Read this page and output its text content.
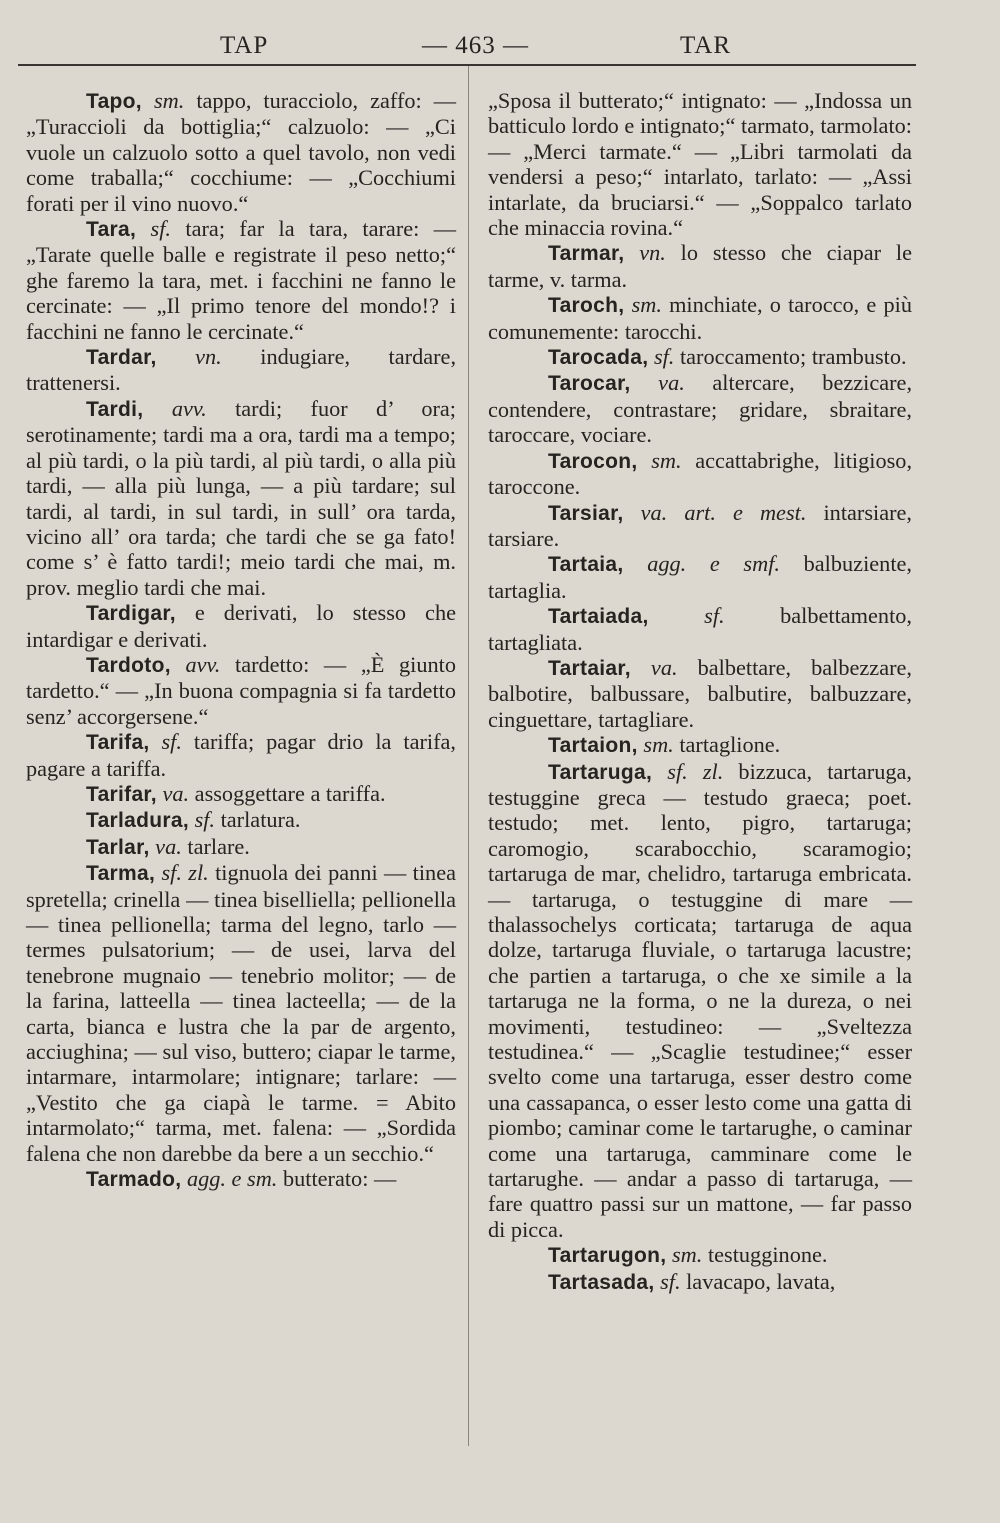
TAP	— 463 —	TAR

Tapo, sm. tappo, turacciolo, zaffo: — „Turaccioli da bottiglia;“ calzuolo: — „Ci vuole un calzuolo sotto a quel tavolo, non vedi come traballa;“ cocchiume: — „Cocchiumi forati per il vino nuovo.“

Tara, sf. tara; far la tara, tarare: — „Tarate quelle balle e registrate il peso netto;“ ghe faremo la tara, met. i facchini ne fanno le cercinate: — „Il primo tenore del mondo!? i facchini ne fanno le cercinate.“

Tardar, vn. indugiare, tardare, trattenersi.

Tardi, avv. tardi; fuor d’ ora; serotinamente; tardi ma a ora, tardi ma a tempo; al più tardi, o la più tardi, al più tardi, o alla più tardi, — alla più lunga, — a più tardare; sul tardi, al tardi, in sul tardi, in sull’ ora tarda, vicino all’ ora tarda; che tardi che se ga fato! come s’ è fatto tardi!; meio tardi che mai, m. prov. meglio tardi che mai.

Tardigar, e derivati, lo stesso che intardigar e derivati.

Tardoto, avv. tardetto: — „È giunto tardetto.“ — „In buona compagnia si fa tardetto senz’ accorgersene.“

Tarifa, sf. tariffa; pagar drio la tarifa, pagare a tariffa.

Tarifar, va. assoggettare a tariffa.

Tarladura, sf. tarlatura.

Tarlar, va. tarlare.

Tarma, sf. zl. tignuola dei panni — tinea spretella; crinella — tinea biselliella; pellionella — tinea pellionella; tarma del legno, tarlo — termes pulsatorium; — de usei, larva del tenebrone mugnaio — tenebrio molitor; — de la farina, latteella — tinea lacteella; — de la carta, bianca e lustra che la par de argento, acciughina; — sul viso, buttero; ciapar le tarme, intarmare, intarmolare; intignare; tarlare: — „Vestito che ga ciapà le tarme. = Abito intarmolato;“ tarma, met. falena: — „Sordida falena che non darebbe da bere a un secchio.“

Tarmado, agg. e sm. butterato: —

„Sposa il butterato;“ intignato: — „Indossa un batticulo lordo e intignato;“ tarmato, tarmolato: — „Merci tarmate.“ — „Libri tarmolati da vendersi a peso;“ intarlato, tarlato: — „Assi intarlate, da bruciarsi.“ — „Soppalco tarlato che minaccia rovina.“

Tarmar, vn. lo stesso che ciapar le tarme, v. tarma.

Taroch, sm. minchiate, o tarocco, e più comunemente: tarocchi.

Tarocada, sf. taroccamento; trambusto.

Tarocar, va. altercare, bezzicare, contendere, contrastare; gridare, sbraitare, taroccare, vociare.

Tarocon, sm. accattabrighe, litigioso, taroccone.

Tarsiar, va. art. e mest. intarsiare, tarsiare.

Tartaia, agg. e smf. balbuziente, tartaglia.

Tartaiada, sf. balbettamento, tartagliata.

Tartaiar, va. balbettare, balbezzare, balbotire, balbussare, balbutire, balbuzzare, cinguettare, tartagliare.

Tartaion, sm. tartaglione.

Tartaruga, sf. zl. bizzuca, tartaruga, testuggine greca — testudo graeca; poet. testudo; met. lento, pigro, tartaruga; caromogio, scarabocchio, scaramogio; tartaruga de mar, chelidro, tartaruga embricata. — tartaruga, o testuggine di mare — thalassochelys corticata; tartaruga de aqua dolze, tartaruga fluviale, o tartaruga lacustre; che partien a tartaruga, o che xe simile a la tartaruga ne la forma, o ne la dureza, o nei movimenti, testudineo: — „Sveltezza testudinea.“ — „Scaglie testudinee;“ esser svelto come una tartaruga, esser destro come una cassapanca, o esser lesto come una gatta di piombo; caminar come le tartarughe, o caminar come una tartaruga, camminare come le tartarughe. — andar a passo di tartaruga, — fare quattro passi sur un mattone, — far passo di picca.

Tartarugon, sm. testugginone.

Tartasada, sf. lavacapo, lavata,
